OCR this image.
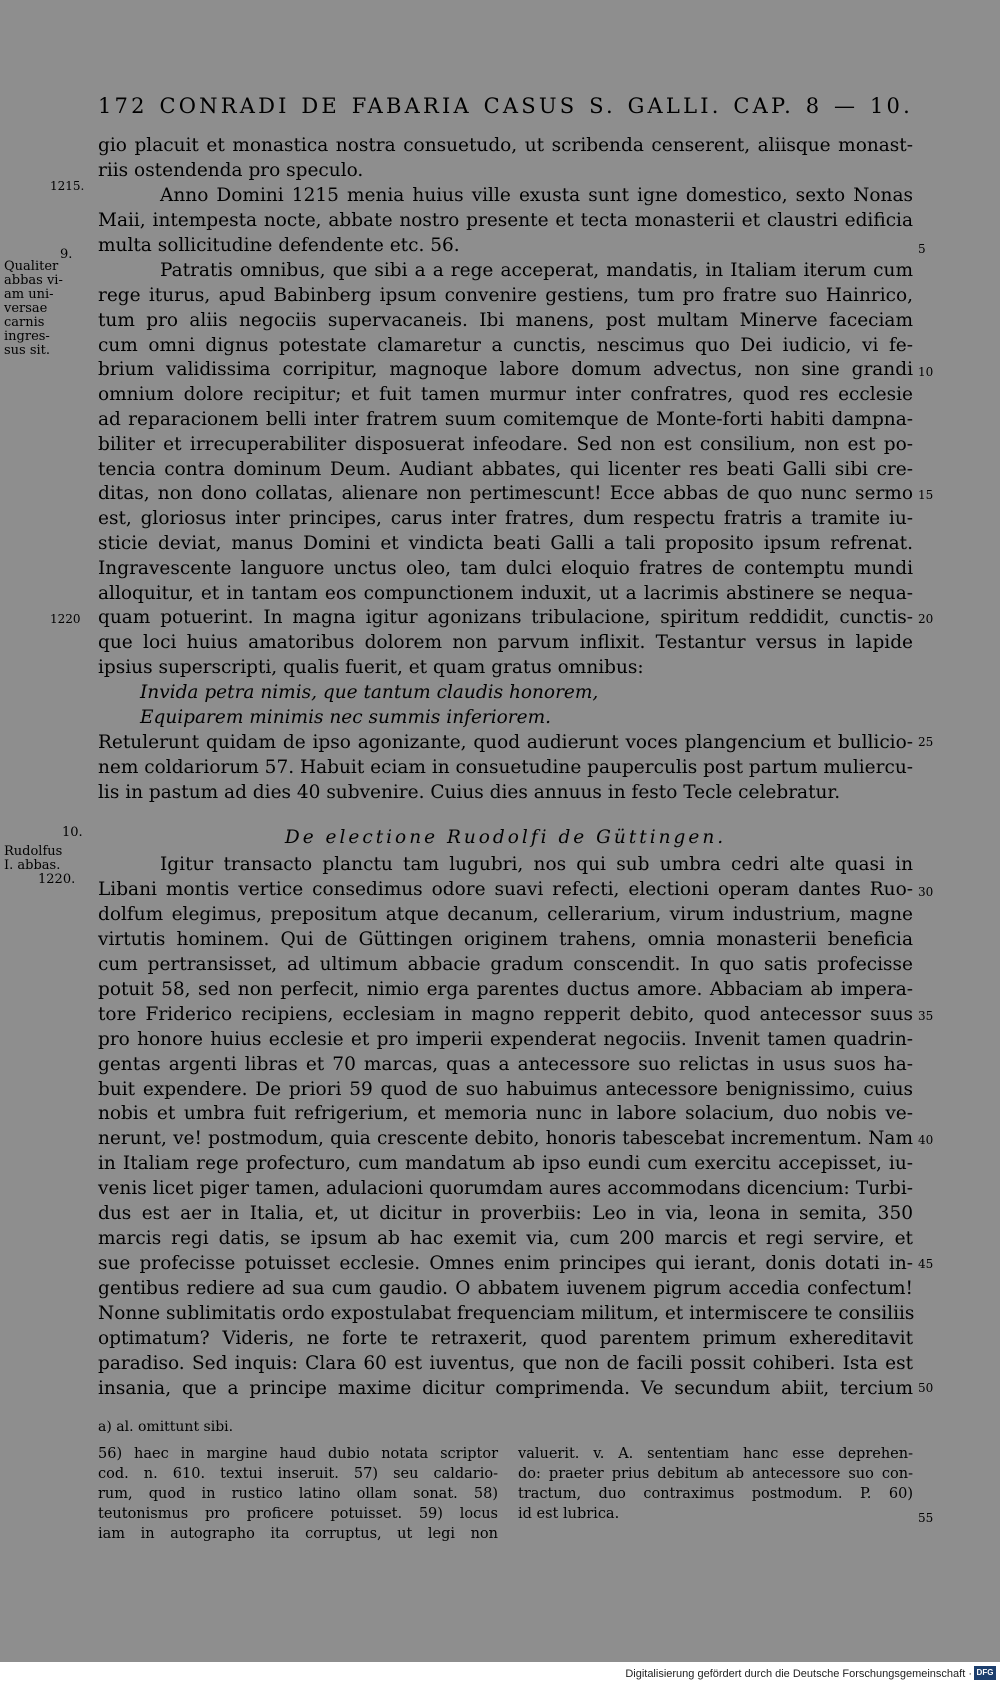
172 CONRADI DE FABARIA CASUS S. GALLI. CAP. 8 — 10.
1215.
9.
Qualiter
abbas vi-
am uni-
versae
carnis
ingres-
sus sit.
1220
10.
Rudolfus
I. abbas.
1220.
5
10
15
20
25
30
35
40
45
50
55
gio placuit et monastica nostra consuetudo, ut scribenda censerent, aliisque monast-
riis ostendenda pro speculo.
Anno Domini 1215 menia huius ville exusta sunt igne domestico, sexto Nonas
Maii, intempesta nocte, abbate nostro presente et tecta monasterii et claustri edificia
multa sollicitudine defendente etc. 56.
Patratis omnibus, que sibi a a rege acceperat, mandatis, in Italiam iterum cum
rege iturus, apud Babinberg ipsum convenire gestiens, tum pro fratre suo Hainrico,
tum pro aliis negociis supervacaneis. Ibi manens, post multam Minerve faceciam
cum omni dignus potestate clamaretur a cunctis, nescimus quo Dei iudicio, vi fe-
brium validissima corripitur, magnoque labore domum advectus, non sine grandi
omnium dolore recipitur; et fuit tamen murmur inter confratres, quod res ecclesie
ad reparacionem belli inter fratrem suum comitemque de Monte-forti habiti dampna-
biliter et irrecuperabiliter disposuerat infeodare. Sed non est consilium, non est po-
tencia contra dominum Deum. Audiant abbates, qui licenter res beati Galli sibi cre-
ditas, non dono collatas, alienare non pertimescunt! Ecce abbas de quo nunc sermo
est, gloriosus inter principes, carus inter fratres, dum respectu fratris a tramite iu-
sticie deviat, manus Domini et vindicta beati Galli a tali proposito ipsum refrenat.
Ingravescente languore unctus oleo, tam dulci eloquio fratres de contemptu mundi
alloquitur, et in tantam eos compunctionem induxit, ut a lacrimis abstinere se nequa-
quam potuerint. In magna igitur agonizans tribulacione, spiritum reddidit, cunctis-
que loci huius amatoribus dolorem non parvum inflixit. Testantur versus in lapide
ipsius superscripti, qualis fuerit, et quam gratus omnibus:
Invida petra nimis, que tantum claudis honorem,
Equiparem minimis nec summis inferiorem.
Retulerunt quidam de ipso agonizante, quod audierunt voces plangencium et bullicio-
nem coldariorum 57. Habuit eciam in consuetudine pauperculis post partum muliercu-
lis in pastum ad dies 40 subvenire. Cuius dies annuus in festo Tecle celebratur.
De electione Ruodolfi de Güttingen.
Igitur transacto planctu tam lugubri, nos qui sub umbra cedri alte quasi in
Libani montis vertice consedimus odore suavi refecti, electioni operam dantes Ruo-
dolfum elegimus, prepositum atque decanum, cellerarium, virum industrium, magne
virtutis hominem. Qui de Güttingen originem trahens, omnia monasterii beneficia
cum pertransisset, ad ultimum abbacie gradum conscendit. In quo satis profecisse
potuit 58, sed non perfecit, nimio erga parentes ductus amore. Abbaciam ab impera-
tore Friderico recipiens, ecclesiam in magno repperit debito, quod antecessor suus
pro honore huius ecclesie et pro imperii expenderat negociis. Invenit tamen quadrin-
gentas argenti libras et 70 marcas, quas a antecessore suo relictas in usus suos ha-
buit expendere. De priori 59 quod de suo habuimus antecessore benignissimo, cuius
nobis et umbra fuit refrigerium, et memoria nunc in labore solacium, duo nobis ve-
nerunt, ve! postmodum, quia crescente debito, honoris tabescebat incrementum. Nam
in Italiam rege profecturo, cum mandatum ab ipso eundi cum exercitu accepisset, iu-
venis licet piger tamen, adulacioni quorumdam aures accommodans dicencium: Turbi-
dus est aer in Italia, et, ut dicitur in proverbiis: Leo in via, leona in semita, 350
marcis regi datis, se ipsum ab hac exemit via, cum 200 marcis et regi servire, et
sue profecisse potuisset ecclesie. Omnes enim principes qui ierant, donis dotati in-
gentibus rediere ad sua cum gaudio. O abbatem iuvenem pigrum accedia confectum!
Nonne sublimitatis ordo expostulabat frequenciam militum, et intermiscere te consiliis
optimatum? Videris, ne forte te retraxerit, quod parentem primum exhereditavit
paradiso. Sed inquis: Clara 60 est iuventus, que non de facili possit cohiberi. Ista est
insania, que a principe maxime dicitur comprimenda. Ve secundum abiit, tercium
a) al. omittunt sibi.
56) haec in margine haud dubio notata scriptor
cod. n. 610. textui inseruit. 57) seu caldario-
rum, quod in rustico latino ollam sonat. 58)
teutonismus pro proficere potuisset. 59) locus
iam in autographo ita corruptus, ut legi non
valuerit. v. A. sententiam hanc esse deprehen-
do: praeter prius debitum ab antecessore suo con-
tractum, duo contraximus postmodum. P. 60)
id est lubrica.
Digitalisierung gefördert durch die Deutsche Forschungsgemeinschaft · DFG
